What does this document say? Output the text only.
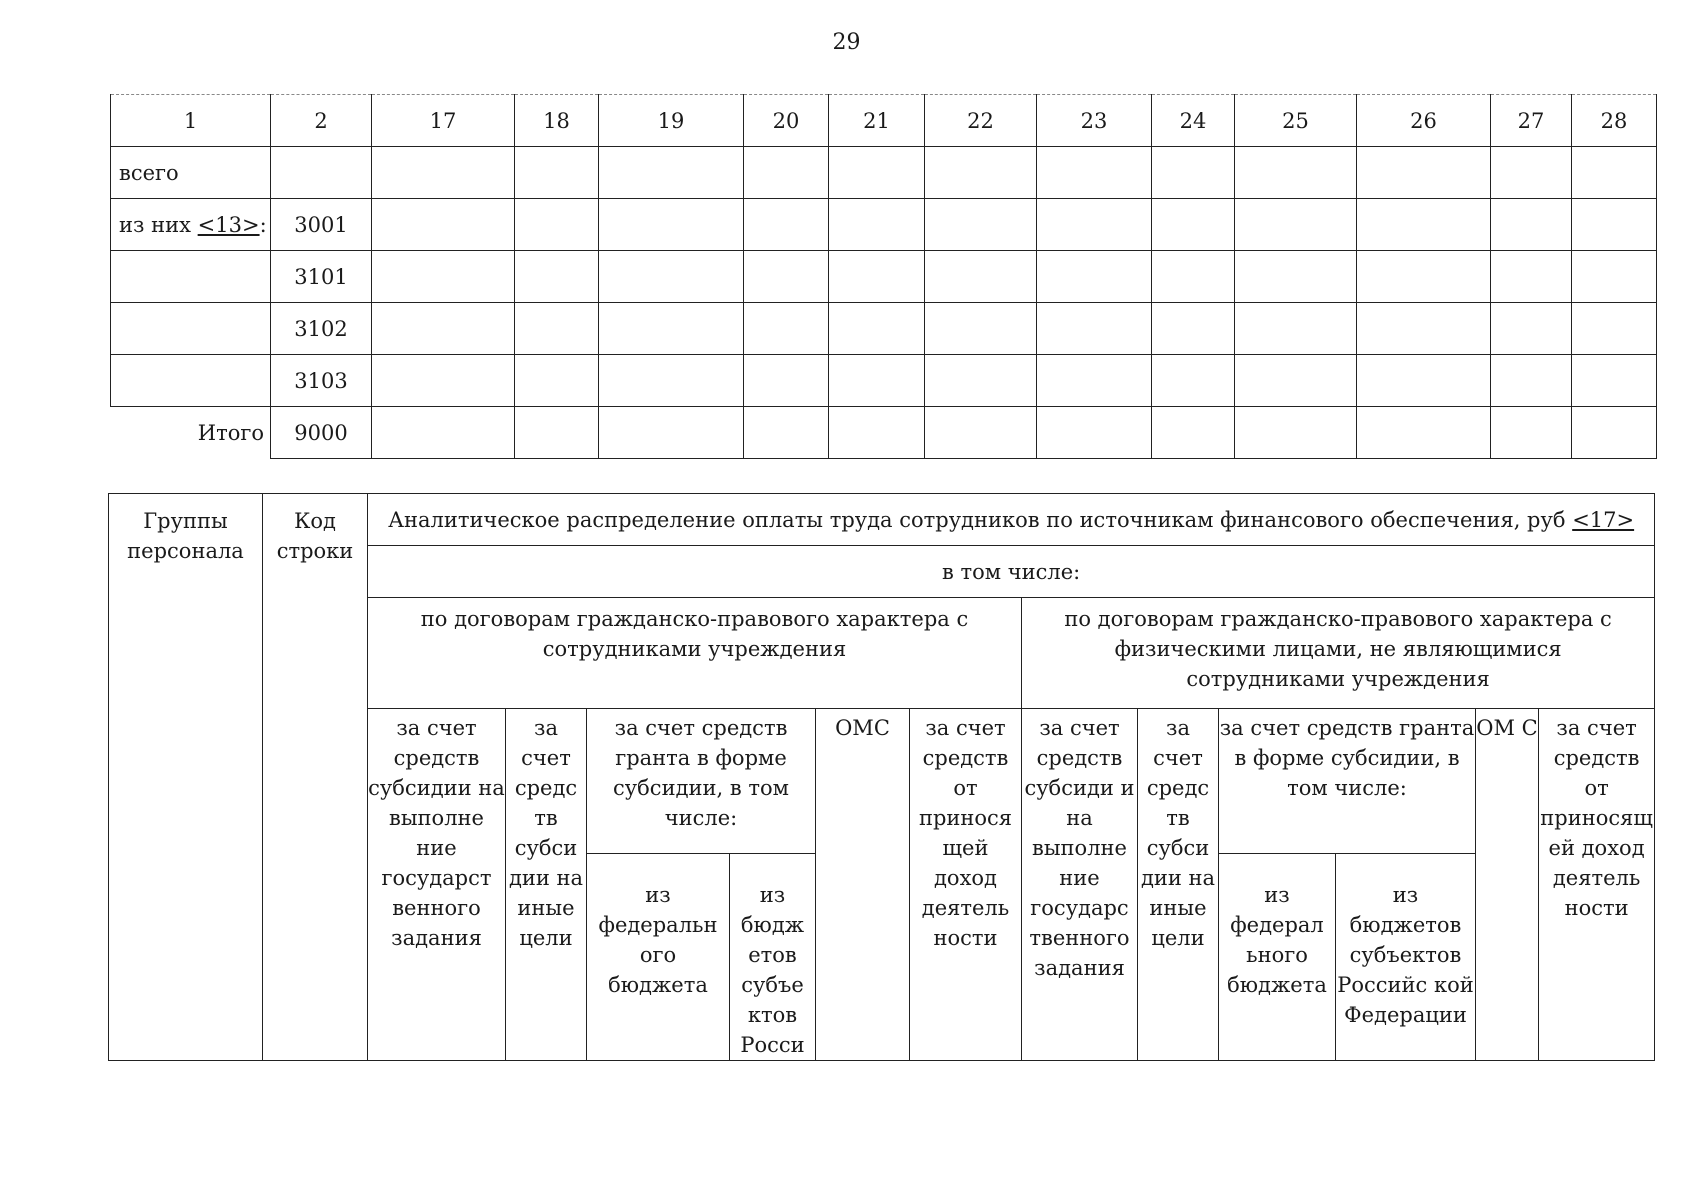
29
1	2	17	18	19	20	21	22	23	24	25	26	27	28
всего													
из них <13>:	3001												
	3101												
	3102												
	3103												
Итого	9000												
Группы персонала	Код строки	Аналитическое распределение оплаты труда сотрудников по источникам финансового обеспечения, руб <17>											
		в том числе:											
		по договорам гражданско-правового характера с сотрудниками учреждения						по договорам гражданско-правового характера с физическими лицами, не являющимися сотрудниками учреждения					
		за счет средств субсидии на выполне ние государст венного задания	за счет средс тв субси дии на иные цели	за счет средств гранта в форме субсидии, в том числе:		ОМС	за счет средств от принося щей доход деятель ности	за счет средств субсиди и на выполне ние государс твенного задания	за счет средс тв субси дии на иные цели	за счет средств гранта в форме субсидии, в том числе:		ОМ С	за счет средств от приносящ ей доход деятель ности
				из федеральн ого бюджета	из бюдж етов субъе ктов Росси					из федерал ьного бюджета	из бюджетов субъектов Российс кой Федерации		
